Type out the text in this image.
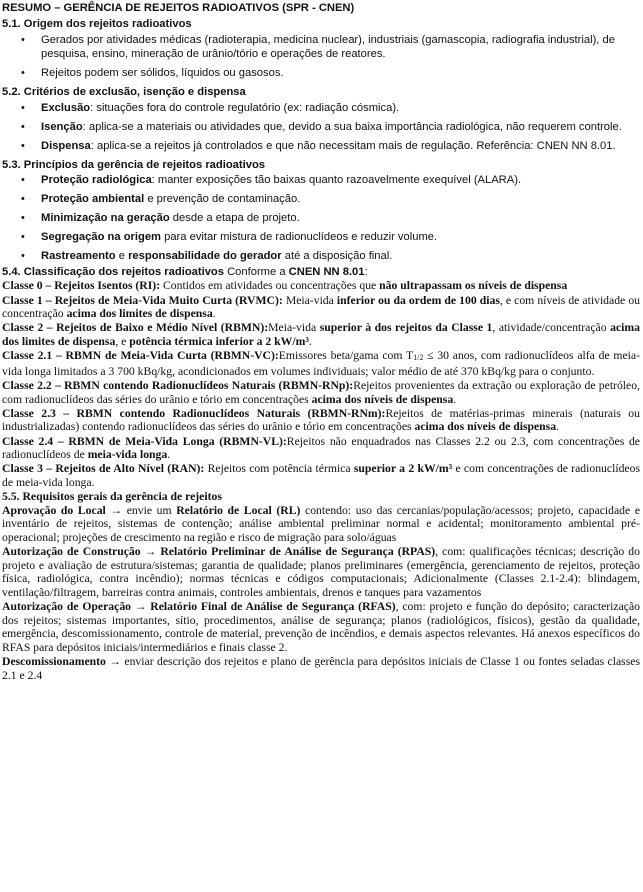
RESUMO – GERÊNCIA DE REJEITOS RADIOATIVOS (SPR - CNEN)
5.1. Origem dos rejeitos radioativos
• Gerados por atividades médicas (radioterapia, medicina nuclear), industriais (gamascopia, radiografia industrial), de pesquisa, ensino, mineração de urânio/tório e operações de reatores.
• Rejeitos podem ser sólidos, líquidos ou gasosos.
5.2. Critérios de exclusão, isenção e dispensa
• Exclusão: situações fora do controle regulatório (ex: radiação cósmica).
• Isenção: aplica-se a materiais ou atividades que, devido a sua baixa importância radiológica, não requerem controle.
• Dispensa: aplica-se a rejeitos já controlados e que não necessitam mais de regulação. Referência: CNEN NN 8.01.
5.3. Princípios da gerência de rejeitos radioativos
• Proteção radiológica: manter exposições tão baixas quanto razoavelmente exequível (ALARA).
• Proteção ambiental e prevenção de contaminação.
• Minimização na geração desde a etapa de projeto.
• Segregação na origem para evitar mistura de radionuclídeos e reduzir volume.
• Rastreamento e responsabilidade do gerador até a disposição final.
5.4. Classificação dos rejeitos radioativos Conforme a CNEN NN 8.01:
Classe 0 – Rejeitos Isentos (RI): Contidos em atividades ou concentrações que não ultrapassam os níveis de dispensa
Classe 1 – Rejeitos de Meia-Vida Muito Curta (RVMC): Meia-vida inferior ou da ordem de 100 dias, e com níveis de atividade ou concentração acima dos limites de dispensa.
Classe 2 – Rejeitos de Baixo e Médio Nível (RBMN):Meia-vida superior à dos rejeitos da Classe 1, atividade/concentração acima dos limites de dispensa, e potência térmica inferior a 2 kW/m³.
Classe 2.1 – RBMN de Meia-Vida Curta (RBMN-VC):Emissores beta/gama com T1/2 ≤ 30 anos, com radionuclídeos alfa de meia-vida longa limitados a 3 700 kBq/kg, acondicionados em volumes individuais; valor médio de até 370 kBq/kg para o conjunto.
Classe 2.2 – RBMN contendo Radionuclídeos Naturais (RBMN-RNp):Rejeitos provenientes da extração ou exploração de petróleo, com radionuclídeos das séries do urânio e tório em concentrações acima dos níveis de dispensa.
Classe 2.3 – RBMN contendo Radionuclídeos Naturais (RBMN-RNm):Rejeitos de matérias-primas minerais (naturais ou industrializadas) contendo radionuclídeos das séries do urânio e tório em concentrações acima dos níveis de dispensa.
Classe 2.4 – RBMN de Meia-Vida Longa (RBMN-VL):Rejeitos não enquadrados nas Classes 2.2 ou 2.3, com concentrações de radionuclídeos de meia-vida longa.
Classe 3 – Rejeitos de Alto Nível (RAN): Rejeitos com potência térmica superior a 2 kW/m³ e com concentrações de radionuclídeos de meia-vida longa.
5.5. Requisitos gerais da gerência de rejeitos
Aprovação do Local → envie um Relatório de Local (RL) contendo: uso das cercanias/população/acessos; projeto, capacidade e inventário de rejeitos, sistemas de contenção; análise ambiental preliminar normal e acidental; monitoramento ambiental pré-operacional; projeções de crescimento na região e risco de migração para solo/águas
Autorização de Construção → Relatório Preliminar de Análise de Segurança (RPAS), com: qualificações técnicas; descrição do projeto e avaliação de estrutura/sistemas; garantia de qualidade; planos preliminares (emergência, gerenciamento de rejeitos, proteção física, radiológica, contra incêndio); normas técnicas e códigos computacionais; Adicionalmente (Classes 2.1-2.4): blindagem, ventilação/filtragem, barreiras contra animais, controles ambientais, drenos e tanques para vazamentos
Autorização de Operação → Relatório Final de Análise de Segurança (RFAS), com: projeto e função do depósito; caracterização dos rejeitos; sistemas importantes, sítio, procedimentos, análise de segurança; planos (radiológicos, físicos), gestão da qualidade, emergência, descomissionamento, controle de material, prevenção de incêndios, e demais aspectos relevantes. Há anexos específicos do RFAS para depósitos iniciais/intermediários e finais classe 2.
Descomissionamento → enviar descrição dos rejeitos e plano de gerência para depósitos iniciais de Classe 1 ou fontes seladas classes 2.1 e 2.4
